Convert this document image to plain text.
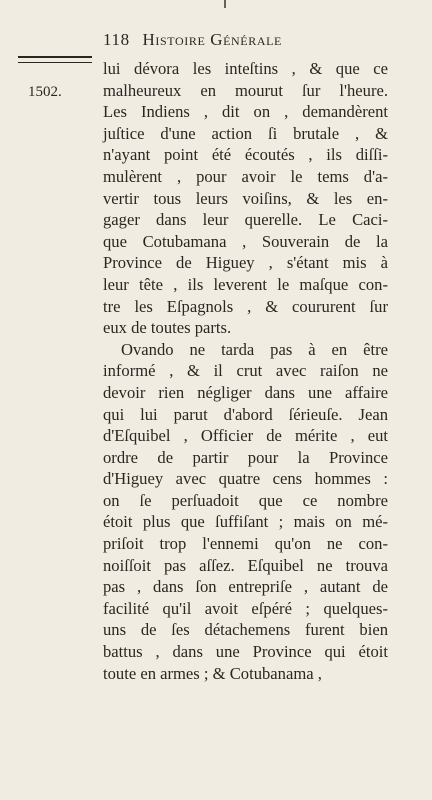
118 Histoire Générale
1502.
lui dévora les inteſtins , & que ce
malheureux en mourut ſur l'heure.
Les Indiens , dit on , demandèrent
juſtice d'une action ſi brutale , &
n'ayant point été écoutés , ils diſſi-
mulèrent , pour avoir le tems d'a-
vertir tous leurs voiſins, & les en-
gager dans leur querelle. Le Caci-
que Cotubamana , Souverain de la
Province de Higuey , s'étant mis à
leur tête , ils leverent le maſque con-
tre les Eſpagnols , & coururent ſur
eux de toutes parts.
Ovando ne tarda pas à en être
informé , & il crut avec raiſon ne
devoir rien négliger dans une affaire
qui lui parut d'abord ſérieuſe. Jean
d'Eſquibel , Officier de mérite , eut
ordre de partir pour la Province
d'Higuey avec quatre cens hommes :
on ſe perſuadoit que ce nombre
étoit plus que ſuffiſant ; mais on mé-
priſoit trop l'ennemi qu'on ne con-
noiſſoit pas aſſez. Eſquibel ne trouva
pas , dans ſon entrepriſe , autant de
facilité qu'il avoit eſpéré ; quelques-
uns de ſes détachemens furent bien
battus , dans une Province qui étoit
toute en armes ; & Cotubanama ,
